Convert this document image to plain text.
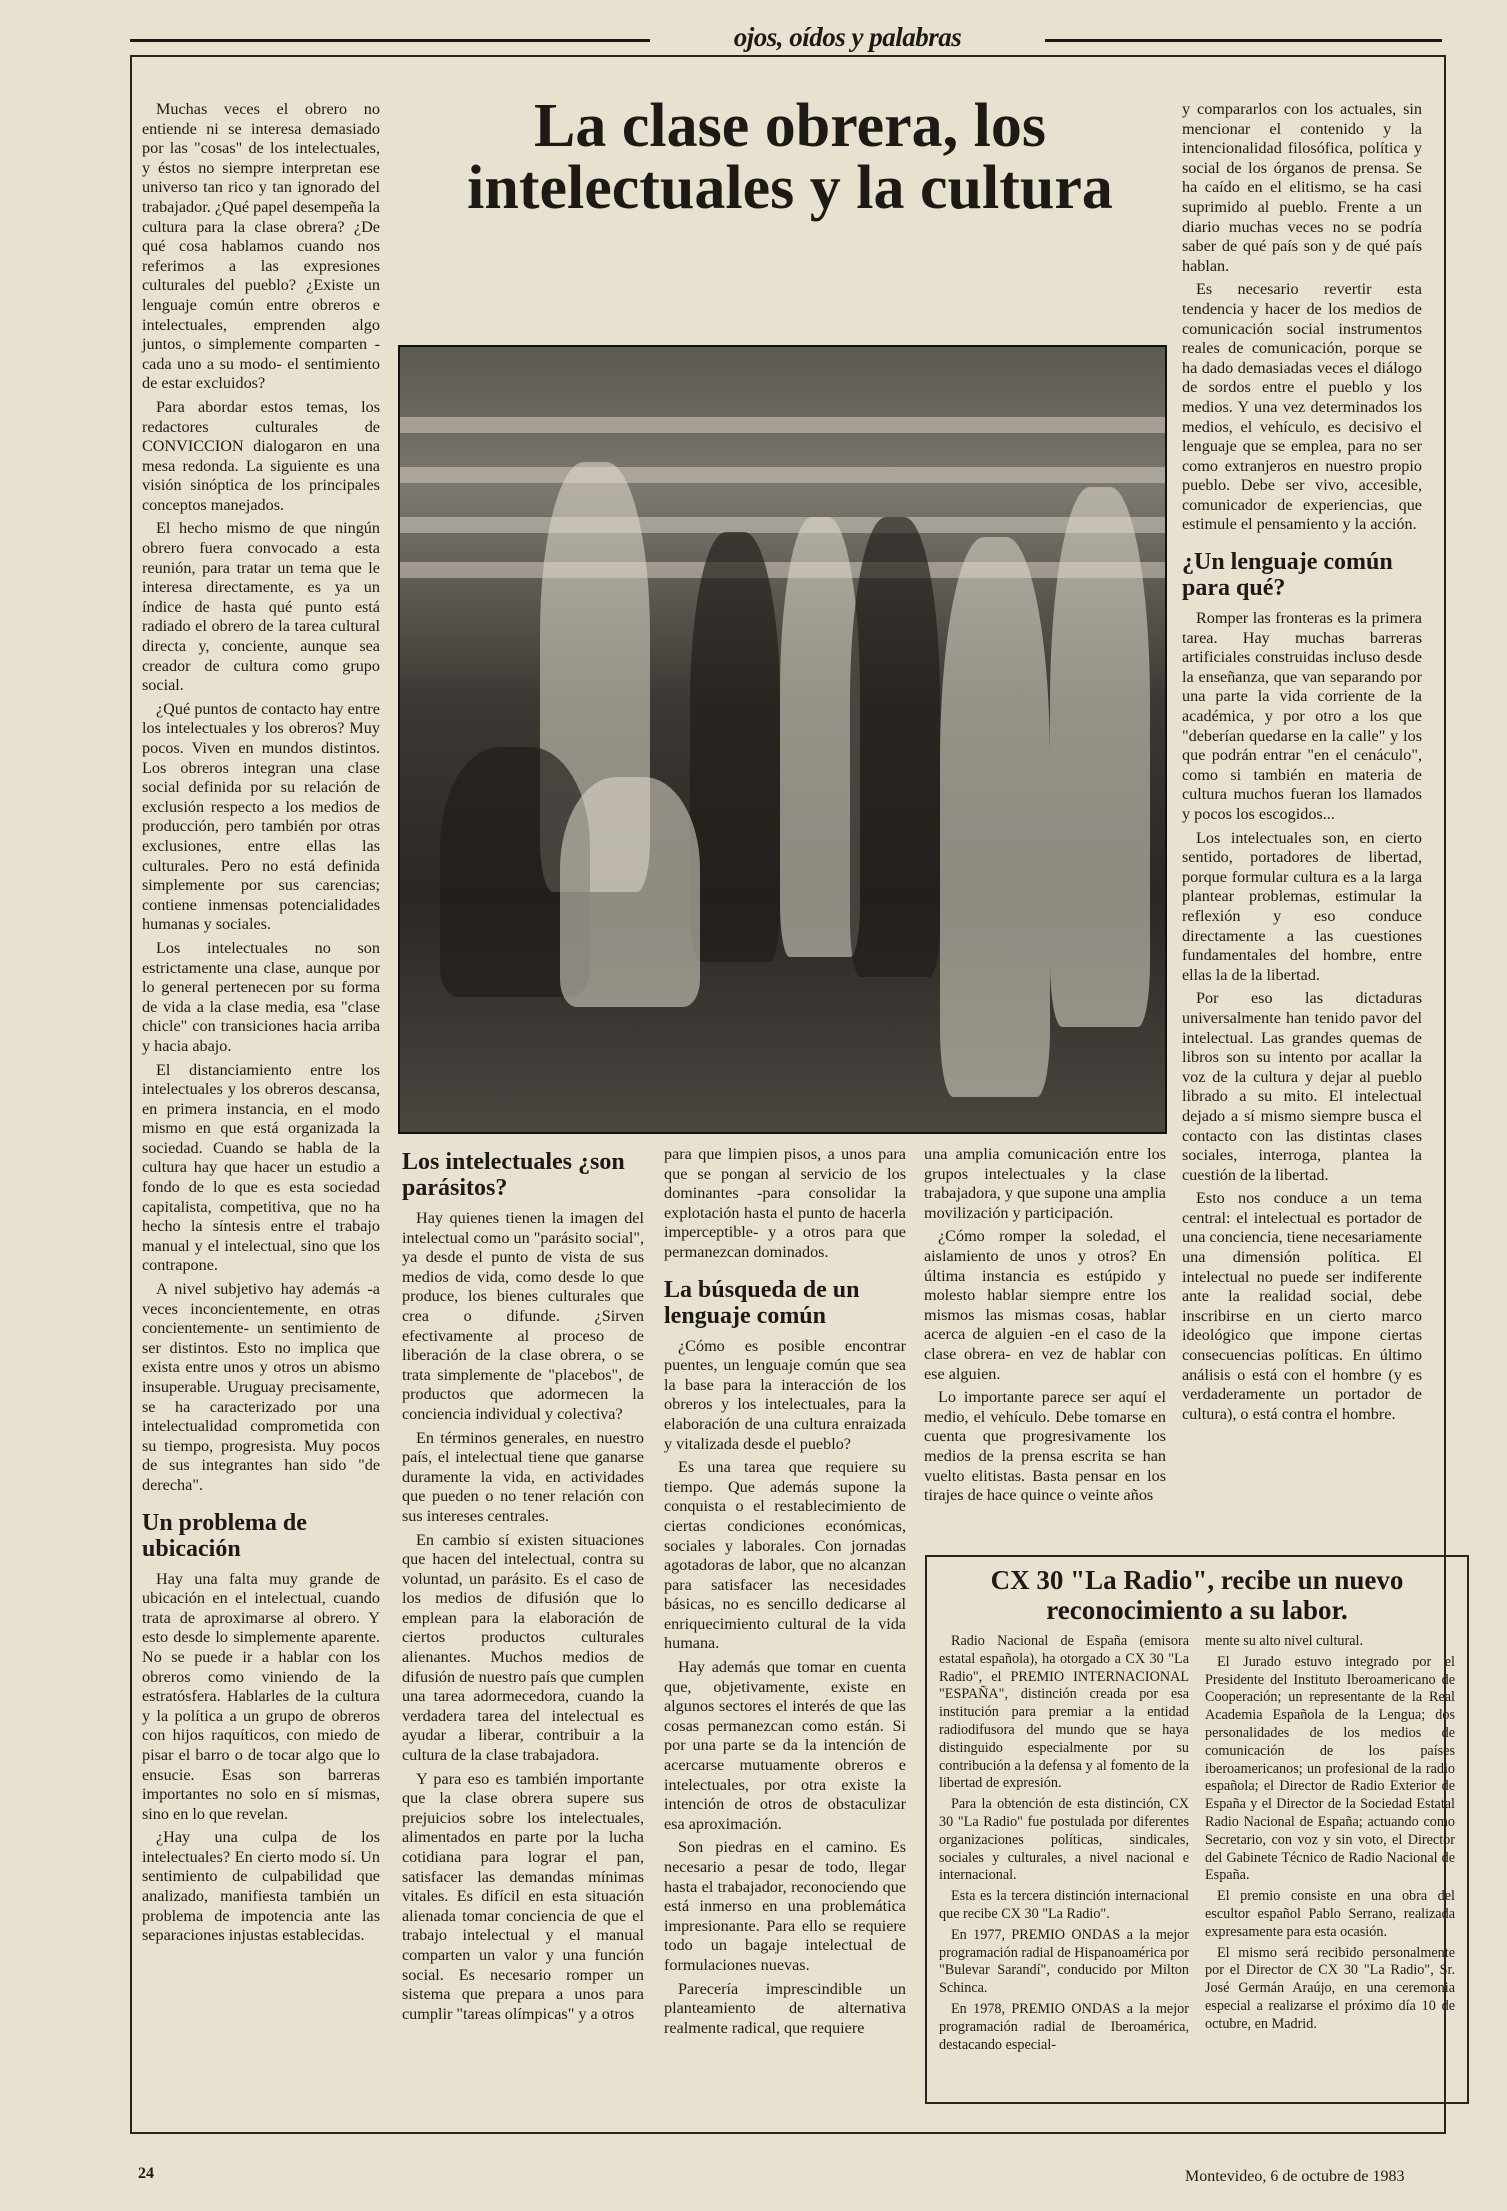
ojos, oídos y palabras

Muchas veces el obrero no entiende ni se interesa demasiado por las "cosas" de los intelectuales, y éstos no siempre interpretan ese universo tan rico y tan ignorado del trabajador. ¿Qué papel desempeña la cultura para la clase obrera? ¿De qué cosa hablamos cuando nos referimos a las expresiones culturales del pueblo? ¿Existe un lenguaje común entre obreros e intelectuales, emprenden algo juntos, o simplemente comparten -cada uno a su modo- el sentimiento de estar excluidos?

Para abordar estos temas, los redactores culturales de CONVICCION dialogaron en una mesa redonda. La siguiente es una visión sinóptica de los principales conceptos manejados.

El hecho mismo de que ningún obrero fuera convocado a esta reunión, para tratar un tema que le interesa directamente, es ya un índice de hasta qué punto está radiado el obrero de la tarea cultural directa y, conciente, aunque sea creador de cultura como grupo social.

¿Qué puntos de contacto hay entre los intelectuales y los obreros? Muy pocos. Viven en mundos distintos. Los obreros integran una clase social definida por su relación de exclusión respecto a los medios de producción, pero también por otras exclusiones, entre ellas las culturales. Pero no está definida simplemente por sus carencias; contiene inmensas potencialidades humanas y sociales.

Los intelectuales no son estrictamente una clase, aunque por lo general pertenecen por su forma de vida a la clase media, esa "clase chicle" con transiciones hacia arriba y hacia abajo.

El distanciamiento entre los intelectuales y los obreros descansa, en primera instancia, en el modo mismo en que está organizada la sociedad. Cuando se habla de la cultura hay que hacer un estudio a fondo de lo que es esta sociedad capitalista, competitiva, que no ha hecho la síntesis entre el trabajo manual y el intelectual, sino que los contrapone.

A nivel subjetivo hay además -a veces inconcientemente, en otras concientemente- un sentimiento de ser distintos. Esto no implica que exista entre unos y otros un abismo insuperable. Uruguay precisamente, se ha caracterizado por una intelectualidad comprometida con su tiempo, progresista. Muy pocos de sus integrantes han sido "de derecha".

Un problema de ubicación

Hay una falta muy grande de ubicación en el intelectual, cuando trata de aproximarse al obrero. Y esto desde lo simplemente aparente. No se puede ir a hablar con los obreros como viniendo de la estratósfera. Hablarles de la cultura y la política a un grupo de obreros con hijos raquíticos, con miedo de pisar el barro o de tocar algo que lo ensucie. Esas son barreras importantes no solo en sí mismas, sino en lo que revelan.

¿Hay una culpa de los intelectuales? En cierto modo sí. Un sentimiento de culpabilidad que analizado, manifiesta también un problema de impotencia ante las separaciones injustas establecidas.

La clase obrera, los intelectuales y la cultura

y compararlos con los actuales, sin mencionar el contenido y la intencionalidad filosófica, política y social de los órganos de prensa. Se ha caído en el elitismo, se ha casi suprimido al pueblo. Frente a un diario muchas veces no se podría saber de qué país son y de qué país hablan.

Es necesario revertir esta tendencia y hacer de los medios de comunicación social instrumentos reales de comunicación, porque se ha dado demasiadas veces el diálogo de sordos entre el pueblo y los medios. Y una vez determinados los medios, el vehículo, es decisivo el lenguaje que se emplea, para no ser como extranjeros en nuestro propio pueblo. Debe ser vivo, accesible, comunicador de experiencias, que estimule el pensamiento y la acción.

¿Un lenguaje común para qué?

Romper las fronteras es la primera tarea. Hay muchas barreras artificiales construidas incluso desde la enseñanza, que van separando por una parte la vida corriente de la académica, y por otro a los que "deberían quedarse en la calle" y los que podrán entrar "en el cenáculo", como si también en materia de cultura muchos fueran los llamados y pocos los escogidos...

Los intelectuales son, en cierto sentido, portadores de libertad, porque formular cultura es a la larga plantear problemas, estimular la reflexión y eso conduce directamente a las cuestiones fundamentales del hombre, entre ellas la de la libertad.

Por eso las dictaduras universalmente han tenido pavor del intelectual. Las grandes quemas de libros son su intento por acallar la voz de la cultura y dejar al pueblo librado a su mito. El intelectual dejado a sí mismo siempre busca el contacto con las distintas clases sociales, interroga, plantea la cuestión de la libertad.

Esto nos conduce a un tema central: el intelectual es portador de una conciencia, tiene necesariamente una dimensión política. El intelectual no puede ser indiferente ante la realidad social, debe inscribirse en un cierto marco ideológico que impone ciertas consecuencias políticas. En último análisis o está con el hombre (y es verdaderamente un portador de cultura), o está contra el hombre.

Los intelectuales ¿son parásitos?

Hay quienes tienen la imagen del intelectual como un "parásito social", ya desde el punto de vista de sus medios de vida, como desde lo que produce, los bienes culturales que crea o difunde. ¿Sirven efectivamente al proceso de liberación de la clase obrera, o se trata simplemente de "placebos", de productos que adormecen la conciencia individual y colectiva?

En términos generales, en nuestro país, el intelectual tiene que ganarse duramente la vida, en actividades que pueden o no tener relación con sus intereses centrales.

En cambio sí existen situaciones que hacen del intelectual, contra su voluntad, un parásito. Es el caso de los medios de difusión que lo emplean para la elaboración de ciertos productos culturales alienantes. Muchos medios de difusión de nuestro país que cumplen una tarea adormecedora, cuando la verdadera tarea del intelectual es ayudar a liberar, contribuir a la cultura de la clase trabajadora.

Y para eso es también importante que la clase obrera supere sus prejuicios sobre los intelectuales, alimentados en parte por la lucha cotidiana para lograr el pan, satisfacer las demandas mínimas vitales. Es difícil en esta situación alienada tomar conciencia de que el trabajo intelectual y el manual comparten un valor y una función social. Es necesario romper un sistema que prepara a unos para cumplir "tareas olímpicas" y a otros

para que limpien pisos, a unos para que se pongan al servicio de los dominantes -para consolidar la explotación hasta el punto de hacerla imperceptible- y a otros para que permanezcan dominados.

La búsqueda de un lenguaje común

¿Cómo es posible encontrar puentes, un lenguaje común que sea la base para la interacción de los obreros y los intelectuales, para la elaboración de una cultura enraizada y vitalizada desde el pueblo?

Es una tarea que requiere su tiempo. Que además supone la conquista o el restablecimiento de ciertas condiciones económicas, sociales y laborales. Con jornadas agotadoras de labor, que no alcanzan para satisfacer las necesidades básicas, no es sencillo dedicarse al enriquecimiento cultural de la vida humana.

Hay además que tomar en cuenta que, objetivamente, existe en algunos sectores el interés de que las cosas permanezcan como están. Si por una parte se da la intención de acercarse mutuamente obreros e intelectuales, por otra existe la intención de otros de obstaculizar esa aproximación.

Son piedras en el camino. Es necesario a pesar de todo, llegar hasta el trabajador, reconociendo que está inmerso en una problemática impresionante. Para ello se requiere todo un bagaje intelectual de formulaciones nuevas.

Parecería imprescindible un planteamiento de alternativa realmente radical, que requiere

una amplia comunicación entre los grupos intelectuales y la clase trabajadora, y que supone una amplia movilización y participación.

¿Cómo romper la soledad, el aislamiento de unos y otros? En última instancia es estúpido y molesto hablar siempre entre los mismos las mismas cosas, hablar acerca de alguien -en el caso de la clase obrera- en vez de hablar con ese alguien.

Lo importante parece ser aquí el medio, el vehículo. Debe tomarse en cuenta que progresivamente los medios de la prensa escrita se han vuelto elitistas. Basta pensar en los tirajes de hace quince o veinte años

CX 30 "La Radio", recibe un nuevo reconocimiento a su labor.

Radio Nacional de España (emisora estatal española), ha otorgado a CX 30 "La Radio", el PREMIO INTERNACIONAL "ESPAÑA", distinción creada por esa institución para premiar a la entidad radiodifusora del mundo que se haya distinguido especialmente por su contribución a la defensa y al fomento de la libertad de expresión.

Para la obtención de esta distinción, CX 30 "La Radio" fue postulada por diferentes organizaciones políticas, sindicales, sociales y culturales, a nivel nacional e internacional.

Esta es la tercera distinción internacional que recibe CX 30 "La Radio".

En 1977, PREMIO ONDAS a la mejor programación radial de Hispanoamérica por "Bulevar Sarandí", conducido por Milton Schinca.

En 1978, PREMIO ONDAS a la mejor programación radial de Iberoamérica, destacando especial-

mente su alto nivel cultural.

El Jurado estuvo integrado por el Presidente del Instituto Iberoamericano de Cooperación; un representante de la Real Academia Española de la Lengua; dos personalidades de los medios de comunicación de los países iberoamericanos; un profesional de la radio española; el Director de Radio Exterior de España y el Director de la Sociedad Estatal Radio Nacional de España; actuando como Secretario, con voz y sin voto, el Director del Gabinete Técnico de Radio Nacional de España.

El premio consiste en una obra del escultor español Pablo Serrano, realizada expresamente para esta ocasión.

El mismo será recibido personalmente por el Director de CX 30 "La Radio", Sr. José Germán Araújo, en una ceremonia especial a realizarse el próximo día 10 de octubre, en Madrid.

24	Montevideo, 6 de octubre de 1983
